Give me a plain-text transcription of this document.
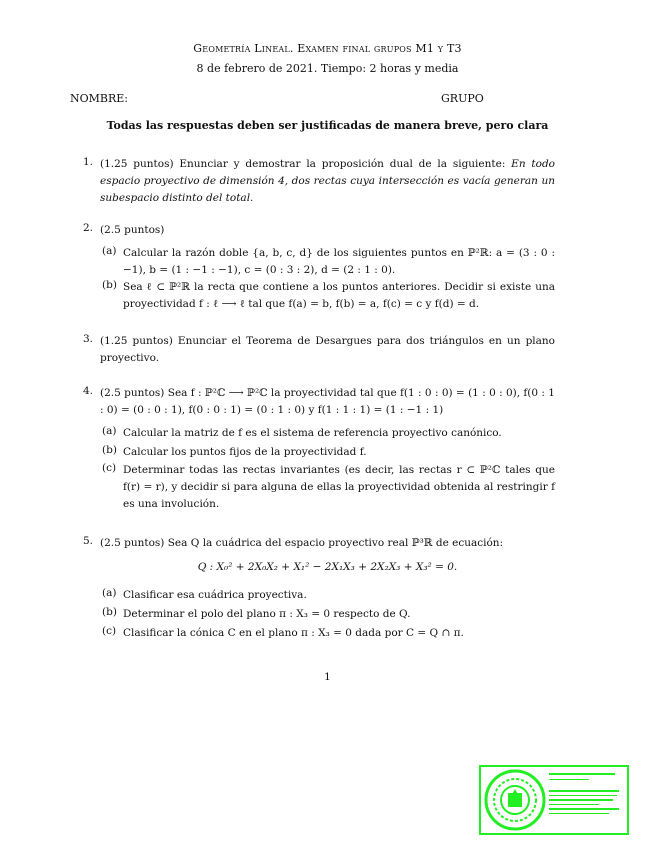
Geometría Lineal. Examen final grupos M1 y T3
8 de febrero de 2021. Tiempo: 2 horas y media
NOMBRE:	GRUPO
Todas las respuestas deben ser justificadas de manera breve, pero clara
1. (1.25 puntos) Enunciar y demostrar la proposición dual de la siguiente: En todo espacio proyectivo de dimensión 4, dos rectas cuya intersección es vacía generan un subespacio distinto del total.
2. (2.5 puntos)
(a) Calcular la razón doble {a, b, c, d} de los siguientes puntos en ℙ²ℝ: a = (3 : 0 : −1), b = (1 : −1 : −1), c = (0 : 3 : 2), d = (2 : 1 : 0).
(b) Sea ℓ ⊂ ℙ²ℝ la recta que contiene a los puntos anteriores. Decidir si existe una proyectividad f : ℓ ⟶ ℓ tal que f(a) = b, f(b) = a, f(c) = c y f(d) = d.
3. (1.25 puntos) Enunciar el Teorema de Desargues para dos triángulos en un plano proyectivo.
4. (2.5 puntos) Sea f : ℙ²ℂ ⟶ ℙ²ℂ la proyectividad tal que f(1 : 0 : 0) = (1 : 0 : 0), f(0 : 1 : 0) = (0 : 0 : 1), f(0 : 0 : 1) = (0 : 1 : 0) y f(1 : 1 : 1) = (1 : −1 : 1)
(a) Calcular la matriz de f es el sistema de referencia proyectivo canónico.
(b) Calcular los puntos fijos de la proyectividad f.
(c) Determinar todas las rectas invariantes (es decir, las rectas r ⊂ ℙ²ℂ tales que f(r) = r), y decidir si para alguna de ellas la proyectividad obtenida al restringir f es una involución.
5. (2.5 puntos) Sea Q la cuádrica del espacio proyectivo real ℙ³ℝ de ecuación:
Q : X₀² + 2X₀X₂ + X₁² − 2X₁X₃ + 2X₂X₃ + X₃² = 0.
(a) Clasificar esa cuádrica proyectiva.
(b) Determinar el polo del plano π : X₃ = 0 respecto de Q.
(c) Clasificar la cónica C en el plano π : X₃ = 0 dada por C = Q ∩ π.
1
